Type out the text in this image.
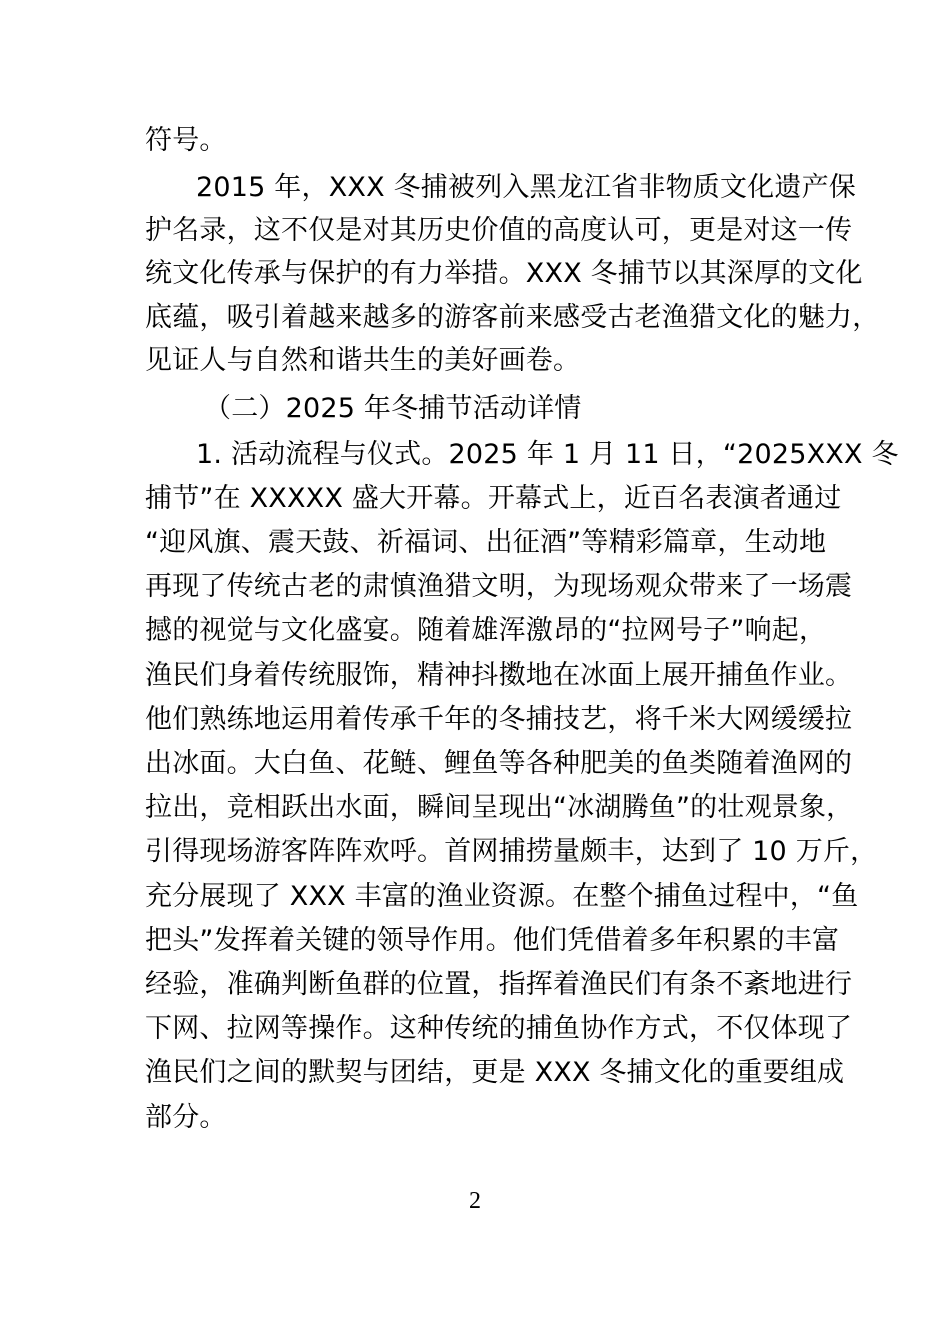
符号。
2015 年，XXX 冬捕被列入黑龙江省非物质文化遗产保
护名录，这不仅是对其历史价值的高度认可，更是对这一传
统文化传承与保护的有力举措。XXX 冬捕节以其深厚的文化
底蕴，吸引着越来越多的游客前来感受古老渔猎文化的魅力，
见证人与自然和谐共生的美好画卷。
（二）2025 年冬捕节活动详情
1. 活动流程与仪式。2025 年 1 月 11 日，“2025XXX 冬
捕节”在 XXXXX 盛大开幕。开幕式上，近百名表演者通过
“迎风旗、震天鼓、祈福词、出征酒”等精彩篇章，生动地
再现了传统古老的肃慎渔猎文明，为现场观众带来了一场震
撼的视觉与文化盛宴。随着雄浑激昂的“拉网号子”响起，
渔民们身着传统服饰，精神抖擞地在冰面上展开捕鱼作业。
他们熟练地运用着传承千年的冬捕技艺，将千米大网缓缓拉
出冰面。大白鱼、花鲢、鲤鱼等各种肥美的鱼类随着渔网的
拉出，竞相跃出水面，瞬间呈现出“冰湖腾鱼”的壮观景象，
引得现场游客阵阵欢呼。首网捕捞量颇丰，达到了 10 万斤，
充分展现了 XXX 丰富的渔业资源。在整个捕鱼过程中，“鱼
把头”发挥着关键的领导作用。他们凭借着多年积累的丰富
经验，准确判断鱼群的位置，指挥着渔民们有条不紊地进行
下网、拉网等操作。这种传统的捕鱼协作方式，不仅体现了
渔民们之间的默契与团结，更是 XXX 冬捕文化的重要组成
部分。
2
